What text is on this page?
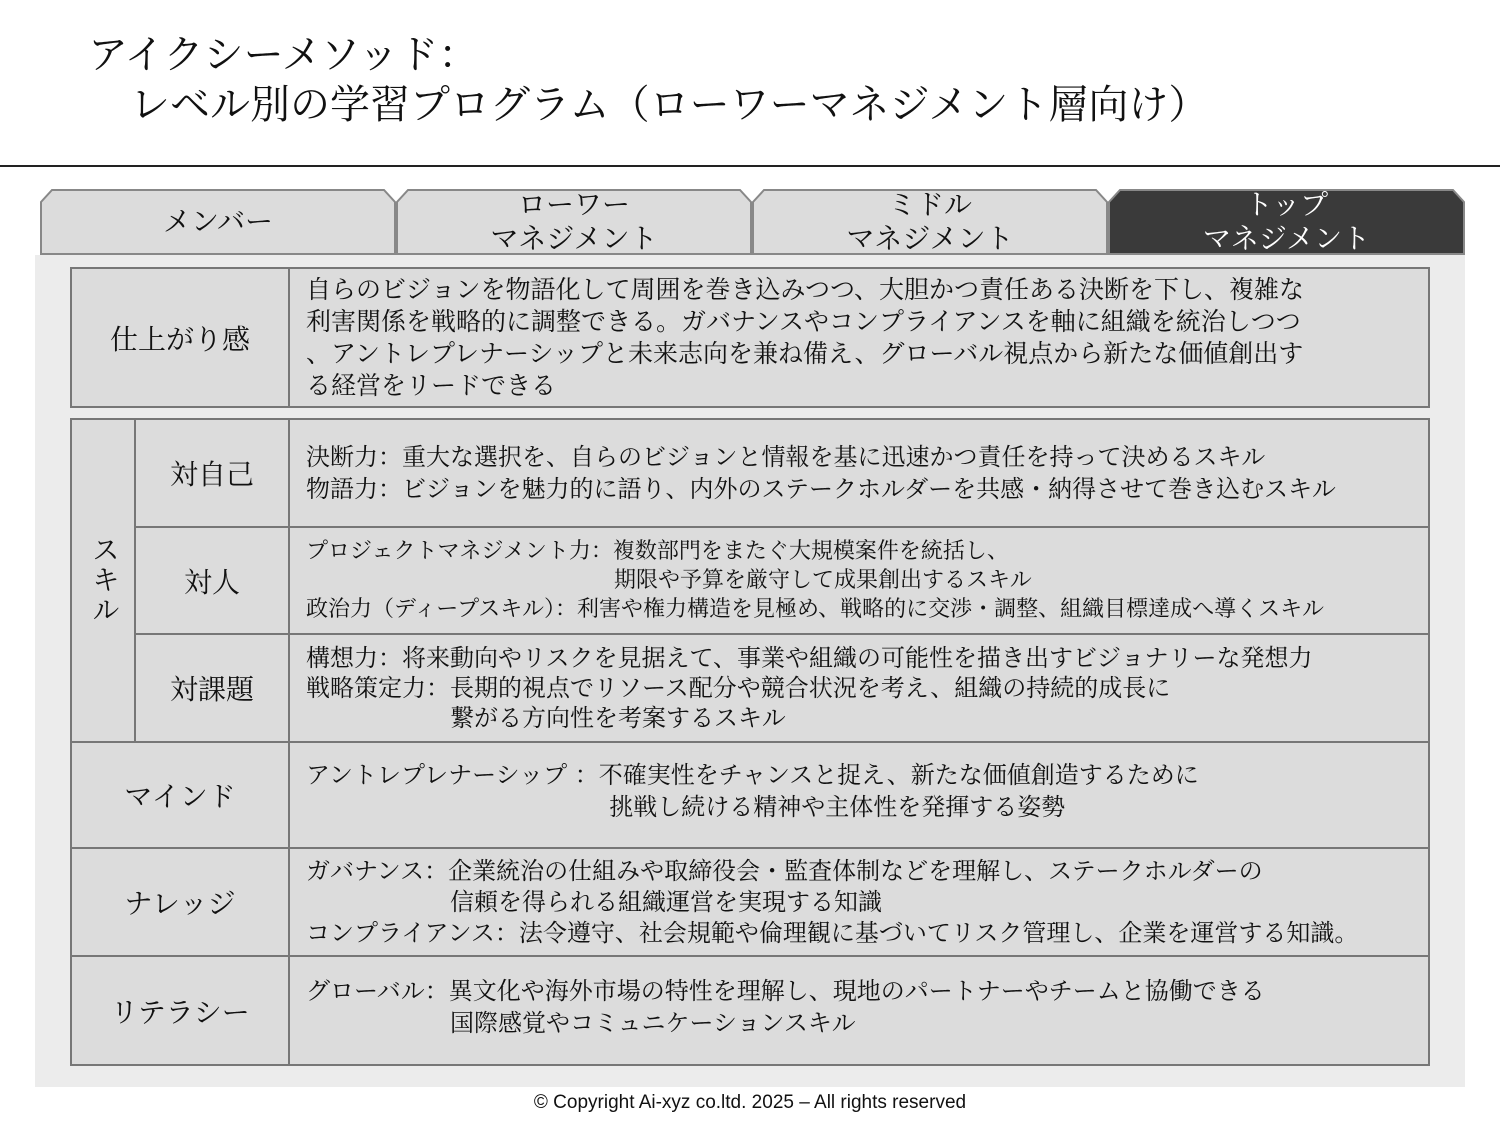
アイクシーメソッド：
レベル別の学習プログラム（ローワーマネジメント層向け）
メンバー
ローワー
マネジメント
ミドル
マネジメント
トップ
マネジメント
仕上がり感
自らのビジョンを物語化して周囲を巻き込みつつ、大胆かつ責任ある決断を下し、複雑な
利害関係を戦略的に調整できる。ガバナンスやコンプライアンスを軸に組織を統治しつつ
、アントレプレナーシップと未来志向を兼ね備え、グローバル視点から新たな価値創出す
る経営をリードできる
スキル
対自己
決断力：重大な選択を、自らのビジョンと情報を基に迅速かつ責任を持って決めるスキル
物語力：ビジョンを魅力的に語り、内外のステークホルダーを共感・納得させて巻き込むスキル
対人
プロジェクトマネジメント力：複数部門をまたぐ大規模案件を統括し、
　　　　　　　　　　　　　　期限や予算を厳守して成果創出するスキル
政治力（ディープスキル）：利害や権力構造を見極め、戦略的に交渉・調整、組織目標達成へ導くスキル
対課題
構想力：将来動向やリスクを見据えて、事業や組織の可能性を描き出すビジョナリーな発想力
戦略策定力：長期的視点でリソース配分や競合状況を考え、組織の持続的成長に
　　　　　　繋がる方向性を考案するスキル
マインド
アントレプレナーシップ ：不確実性をチャンスと捉え、新たな価値創造するために
　　　　　　　　　　　　  挑戦し続ける精神や主体性を発揮する姿勢
ナレッジ
ガバナンス：企業統治の仕組みや取締役会・監査体制などを理解し、ステークホルダーの
　　　　　　信頼を得られる組織運営を実現する知識
コンプライアンス：法令遵守、社会規範や倫理観に基づいてリスク管理し、企業を運営する知識。
リテラシー
グローバル：異文化や海外市場の特性を理解し、現地のパートナーやチームと協働できる
　　　　　　国際感覚やコミュニケーションスキル
© Copyright Ai-xyz co.ltd. 2025 – All rights reserved
